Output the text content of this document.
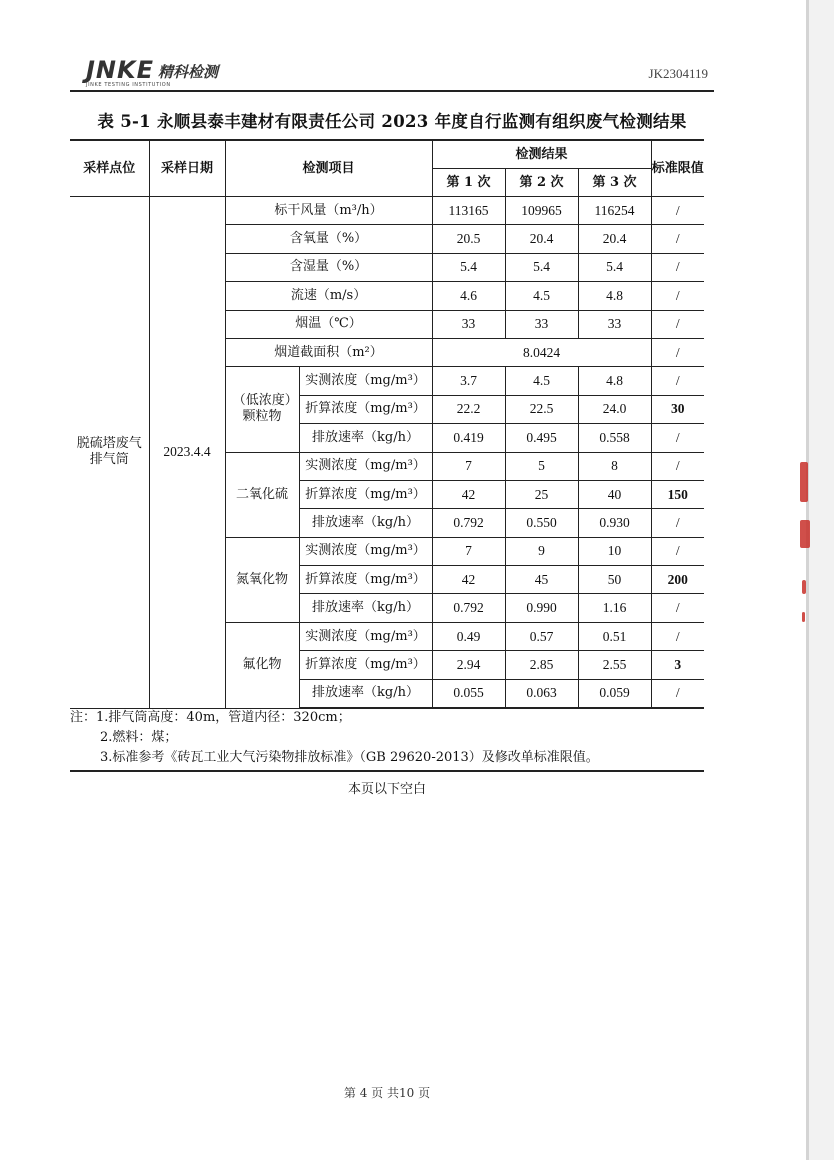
JNKE 精科检测
JINKE TESTING INSTITUTION
JK2304119
表 5-1 永顺县泰丰建材有限责任公司 2023 年度自行监测有组织废气检测结果
采样点位	采样日期	检测项目		检测结果			标准限值
				第 1 次	第 2 次	第 3 次	
脱硫塔废气排气筒	2023.4.4	标干风量（m³/h）		113165	109965	116254	/
		含氧量（%）		20.5	20.4	20.4	/
		含湿量（%）		5.4	5.4	5.4	/
		流速（m/s）		4.6	4.5	4.8	/
		烟温（℃）		33	33	33	/
		烟道截面积（m²）		8.0424			/
		（低浓度）颗粒物	实测浓度（mg/m³）	3.7	4.5	4.8	/
			折算浓度（mg/m³）	22.2	22.5	24.0	30
			排放速率（kg/h）	0.419	0.495	0.558	/
		二氧化硫	实测浓度（mg/m³）	7	5	8	/
			折算浓度（mg/m³）	42	25	40	150
			排放速率（kg/h）	0.792	0.550	0.930	/
		氮氧化物	实测浓度（mg/m³）	7	9	10	/
			折算浓度（mg/m³）	42	45	50	200
			排放速率（kg/h）	0.792	0.990	1.16	/
		氟化物	实测浓度（mg/m³）	0.49	0.57	0.51	/
			折算浓度（mg/m³）	2.94	2.85	2.55	3
			排放速率（kg/h）	0.055	0.063	0.059	/
注：1.排气筒高度：40m，管道内径：320cm；
2.燃料：煤；
3.标准参考《砖瓦工业大气污染物排放标准》（GB 29620-2013）及修改单标准限值。
本页以下空白
第 4 页 共10 页
